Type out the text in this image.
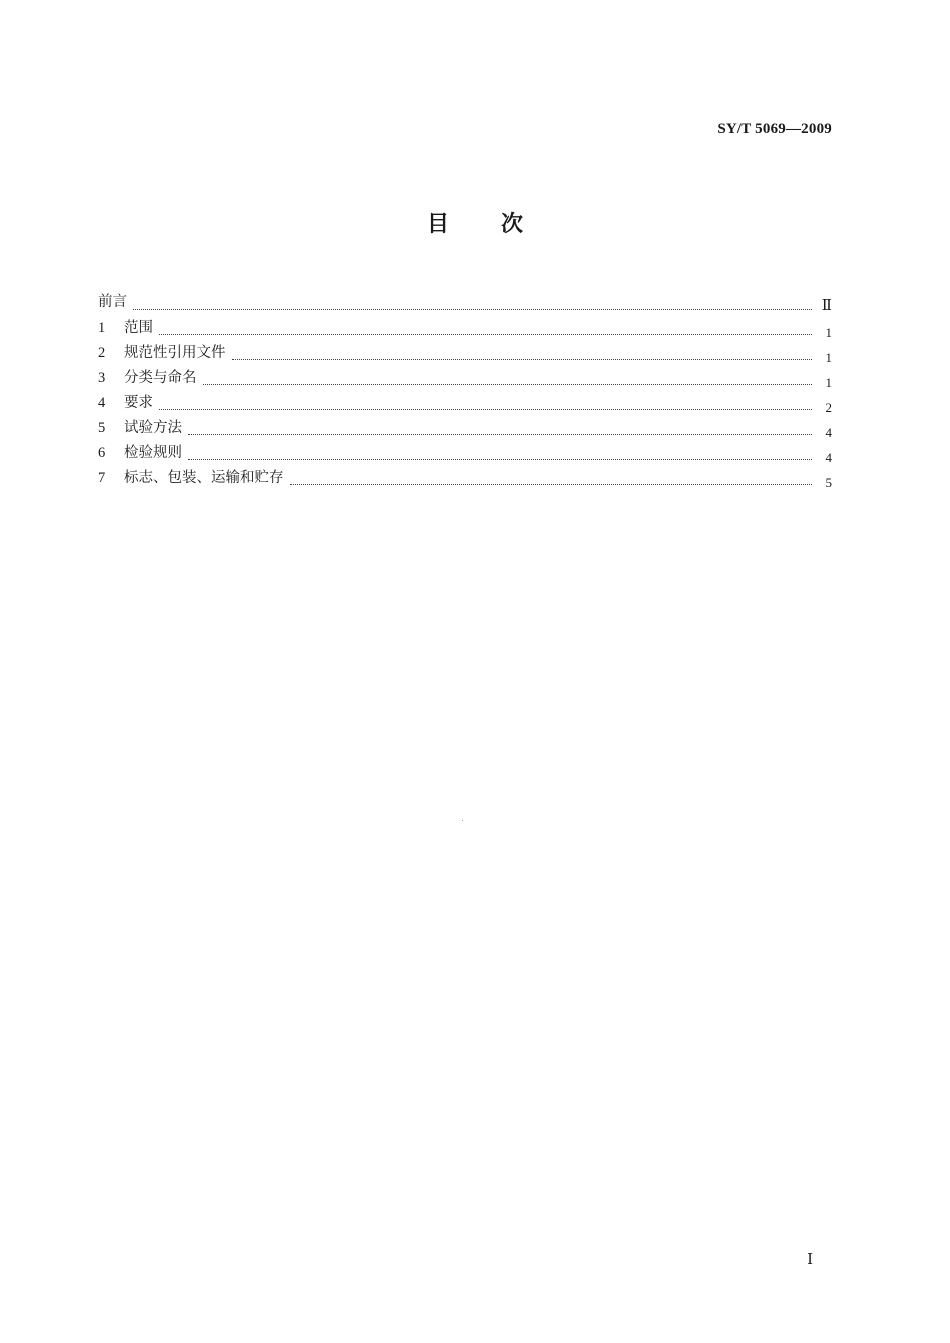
SY/T 5069—2009
目 次
前言	Ⅱ
1	范围	1
2	规范性引用文件	1
3	分类与命名	1
4	要求	2
5	试验方法	4
6	检验规则	4
7	标志、包装、运输和贮存	5
Ⅰ
